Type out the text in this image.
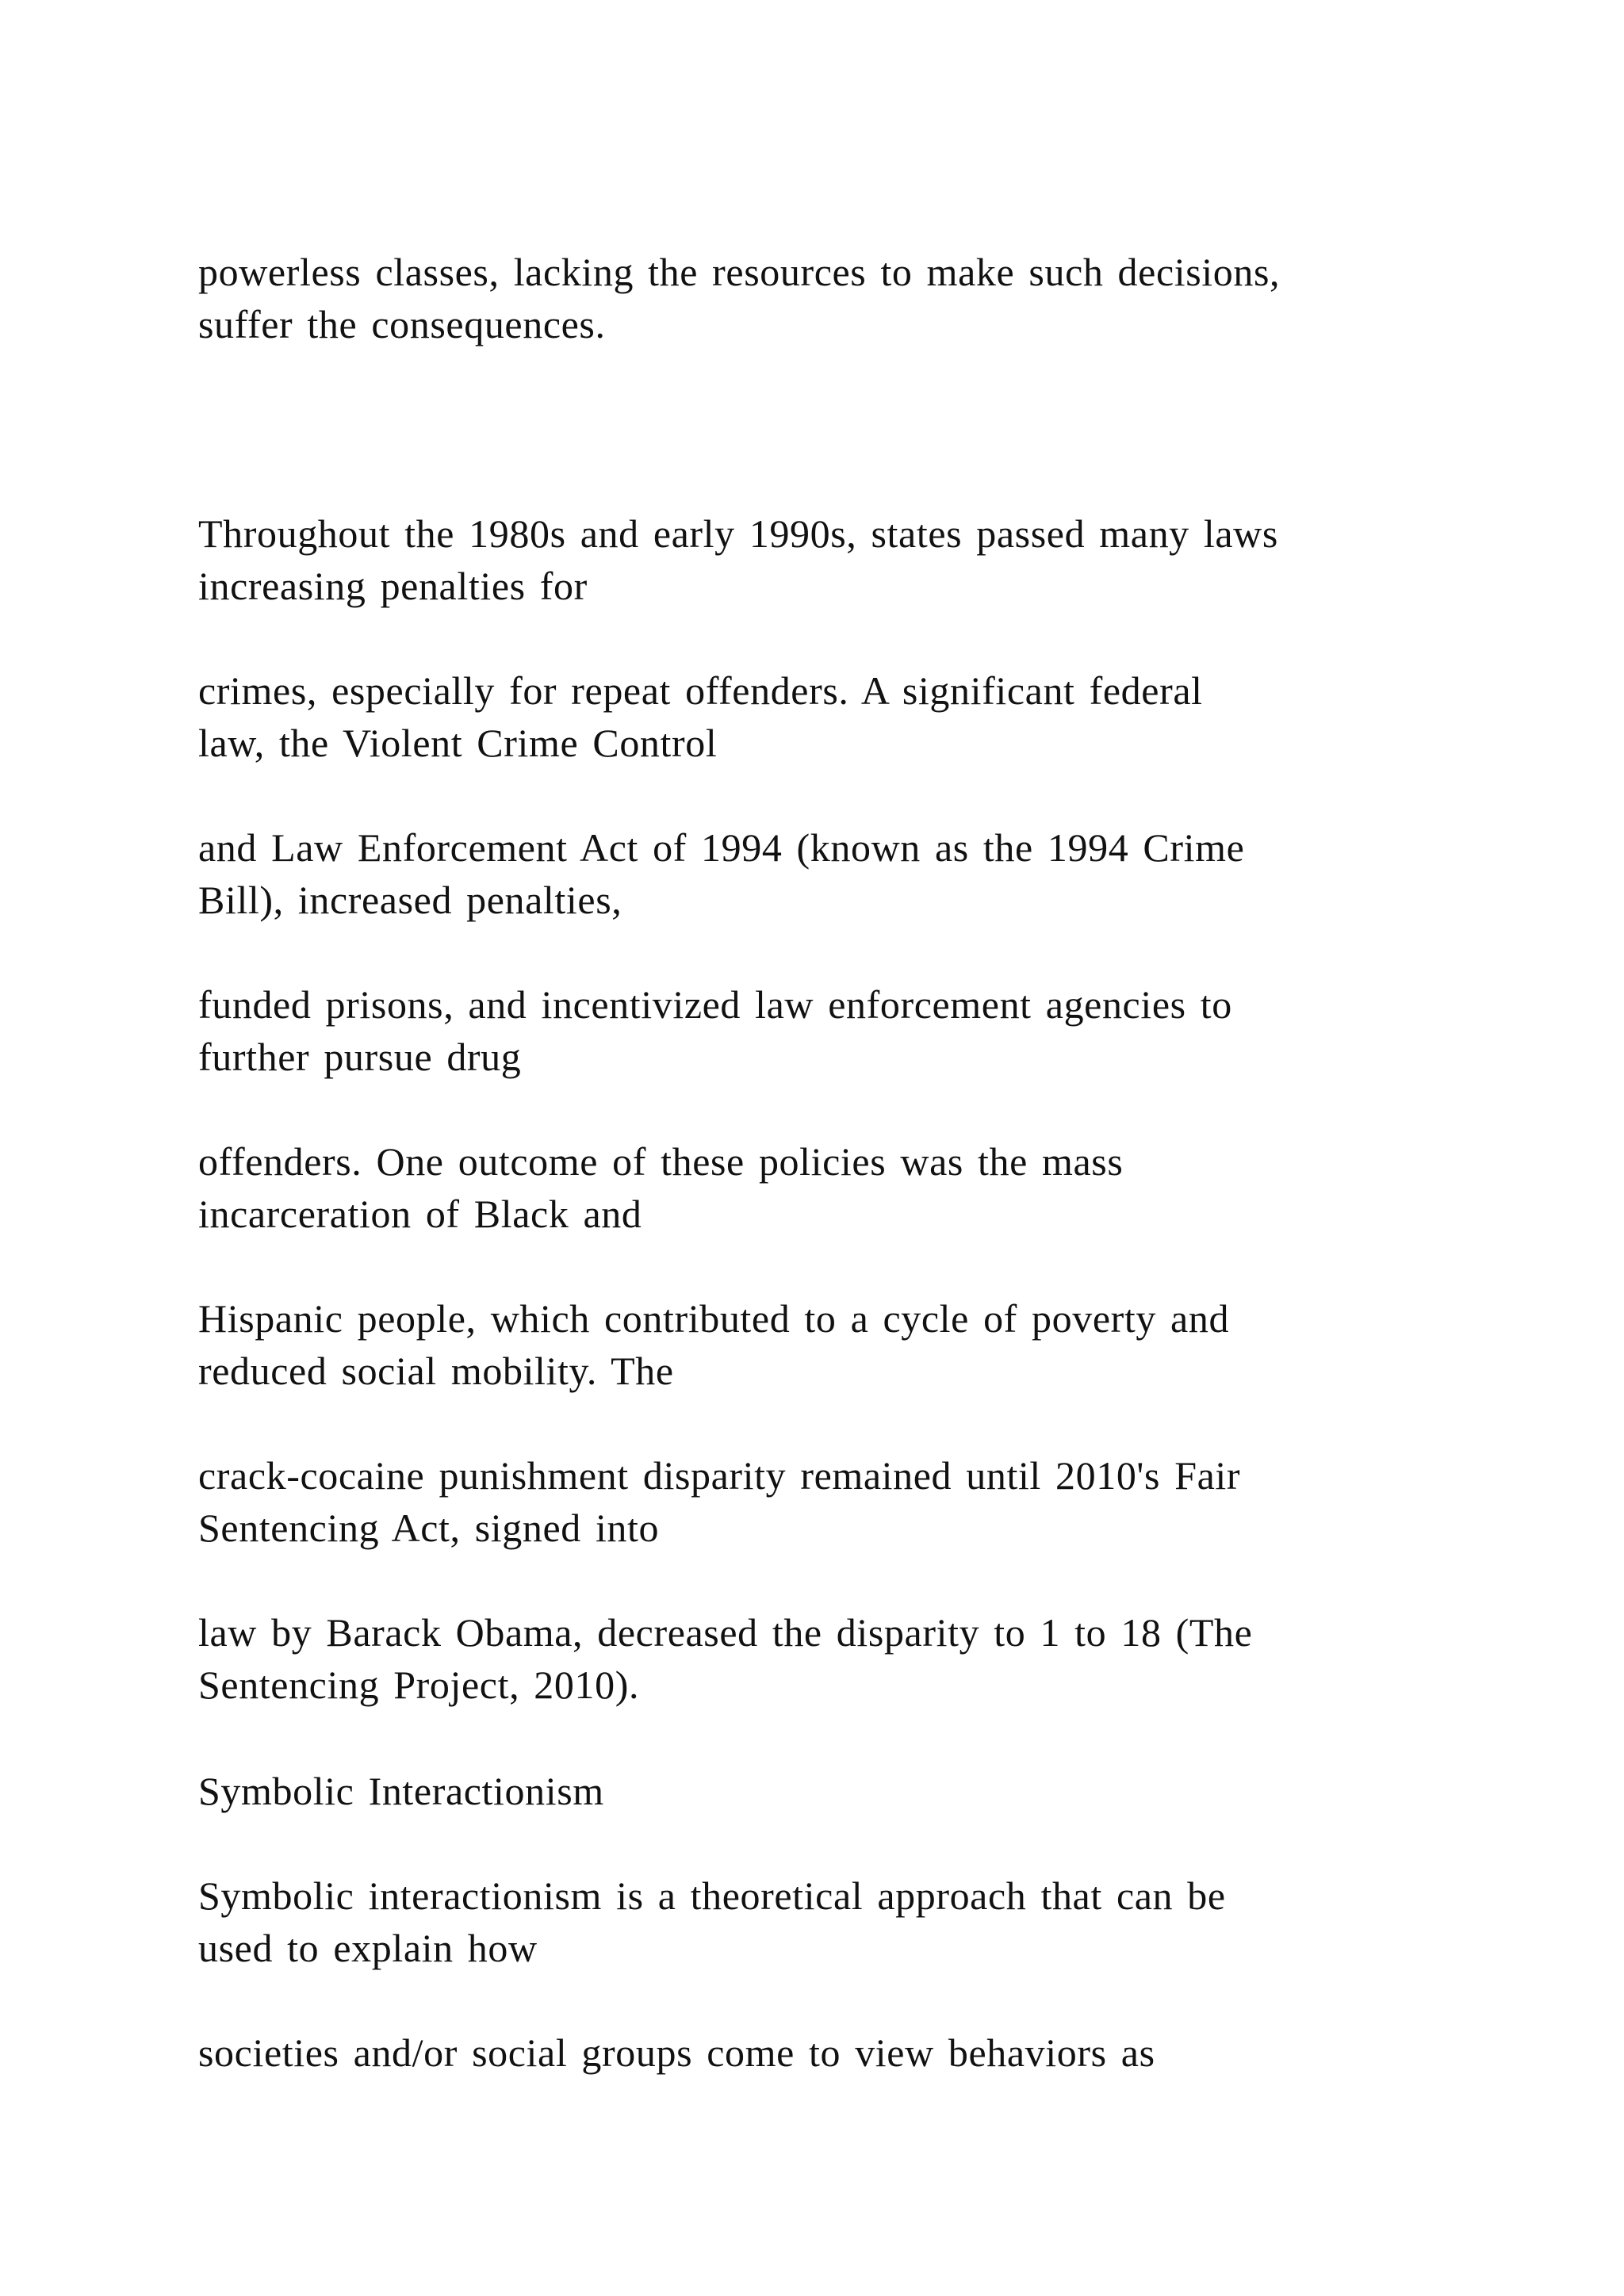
powerless classes, lacking the resources to make such decisions,

suffer the consequences.

Throughout the 1980s and early 1990s, states passed many laws

increasing penalties for

crimes, especially for repeat offenders. A significant federal

law, the Violent Crime Control

and Law Enforcement Act of 1994 (known as the 1994 Crime

Bill), increased penalties,

funded prisons, and incentivized law enforcement agencies to

further pursue drug

offenders. One outcome of these policies was the mass

incarceration of Black and

Hispanic people, which contributed to a cycle of poverty and

reduced social mobility. The

crack-cocaine punishment disparity remained until 2010's Fair

Sentencing Act, signed into

law by Barack Obama, decreased the disparity to 1 to 18 (The

Sentencing Project, 2010).

Symbolic Interactionism

Symbolic interactionism is a theoretical approach that can be

used to explain how

societies and/or social groups come to view behaviors as
